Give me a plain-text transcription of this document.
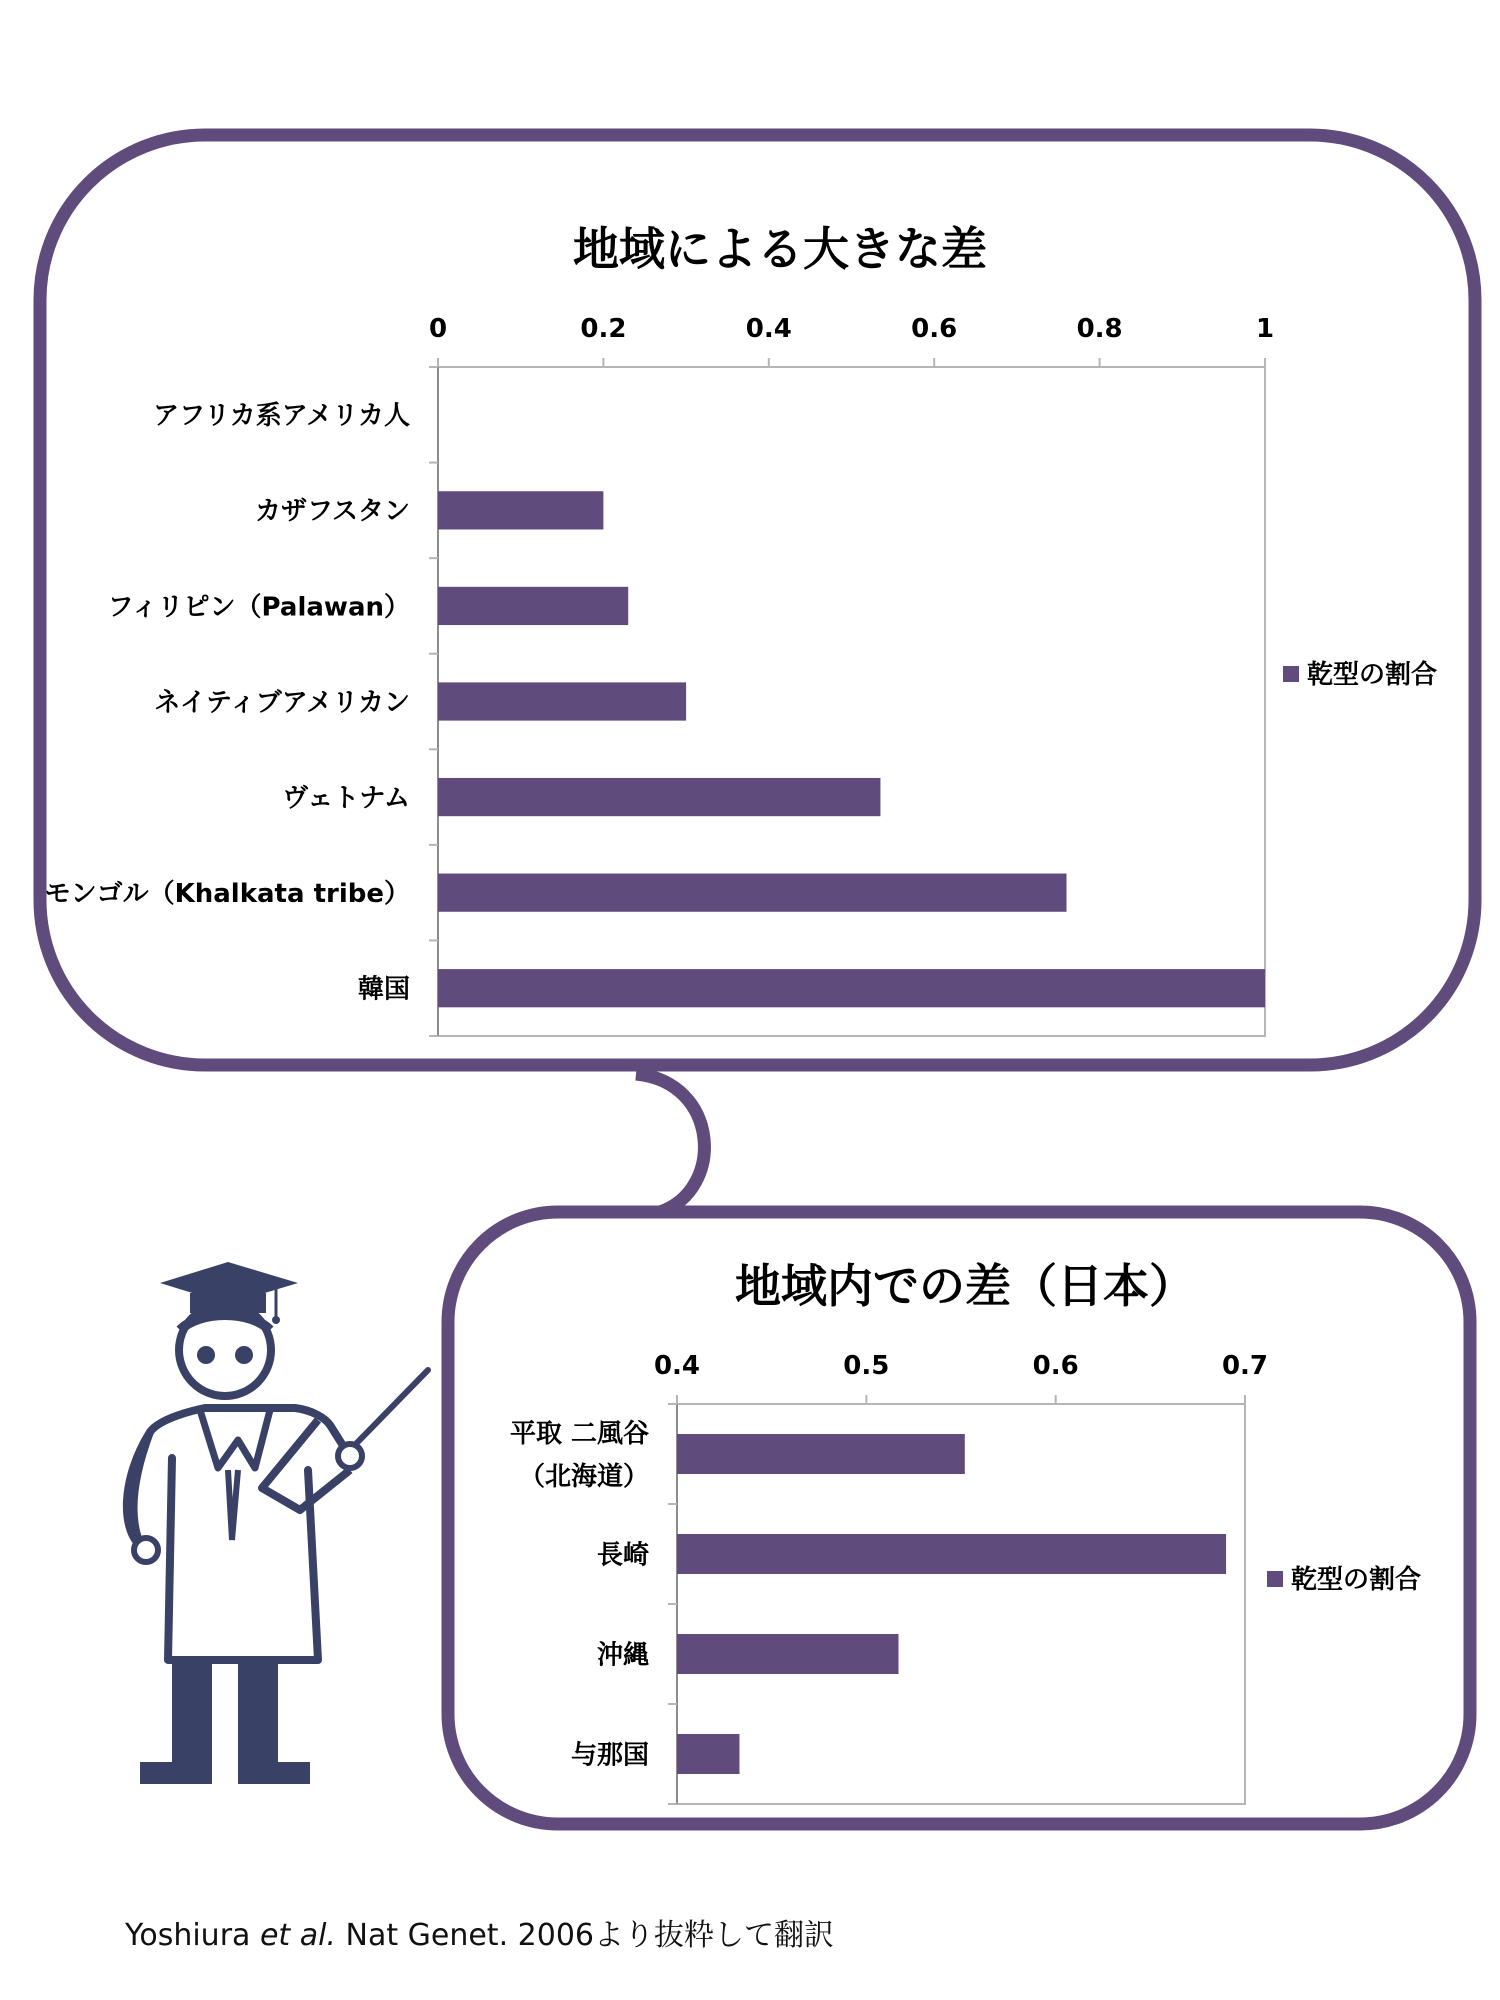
地域による大きな差
0	0.2	0.4	0.6	0.8	1
アフリカ系アメリカ人
カザフスタン
フィリピン（Palawan）
ネイティブアメリカン
ヴェトナム
モンゴル（Khalkata tribe）
韓国
乾型の割合
地域内での差（日本）
0.4	0.5	0.6	0.7
平取 二風谷（北海道）
長崎
沖縄
与那国
乾型の割合
Yoshiura et al. Nat Genet. 2006より抜粋して翻訳
